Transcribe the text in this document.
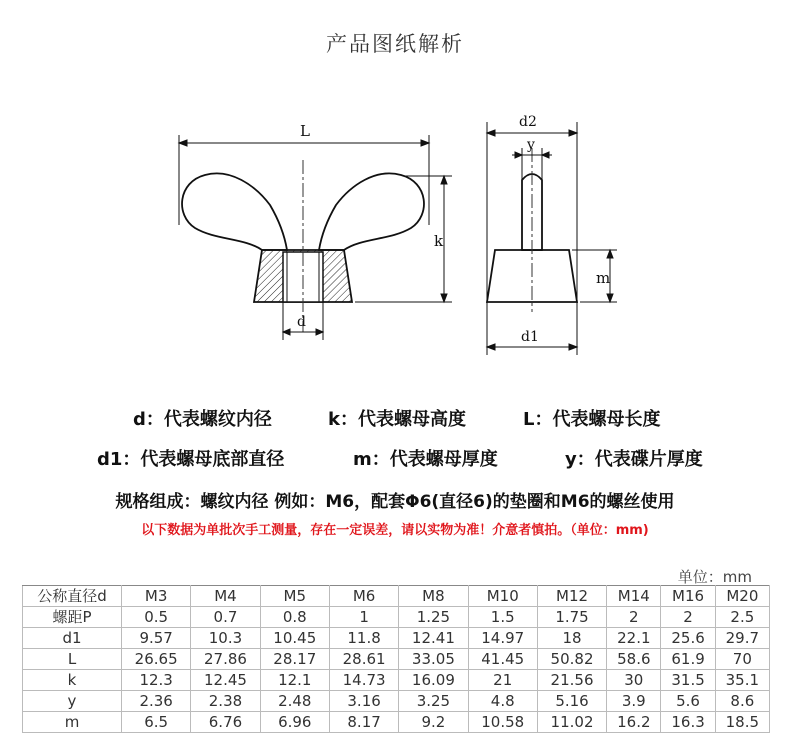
产品图纸解析
L
k
d
d2
y
m
d1
d：代表螺纹内径	k：代表螺母高度	L：代表螺母长度
d1：代表螺母底部直径	m：代表螺母厚度	y：代表碟片厚度
规格组成：螺纹内径 例如：M6，配套Φ6(直径6)的垫圈和M6的螺丝使用
以下数据为单批次手工测量，存在一定误差，请以实物为准！介意者慎拍。（单位：mm)
单位：mm
公称直径d	M3	M4	M5	M6	M8	M10	M12	M14	M16	M20
螺距P	0.5	0.7	0.8	1	1.25	1.5	1.75	2	2	2.5
d1	9.57	10.3	10.45	11.8	12.41	14.97	18	22.1	25.6	29.7
L	26.65	27.86	28.17	28.61	33.05	41.45	50.82	58.6	61.9	70
k	12.3	12.45	12.1	14.73	16.09	21	21.56	30	31.5	35.1
y	2.36	2.38	2.48	3.16	3.25	4.8	5.16	3.9	5.6	8.6
m	6.5	6.76	6.96	8.17	9.2	10.58	11.02	16.2	16.3	18.5
